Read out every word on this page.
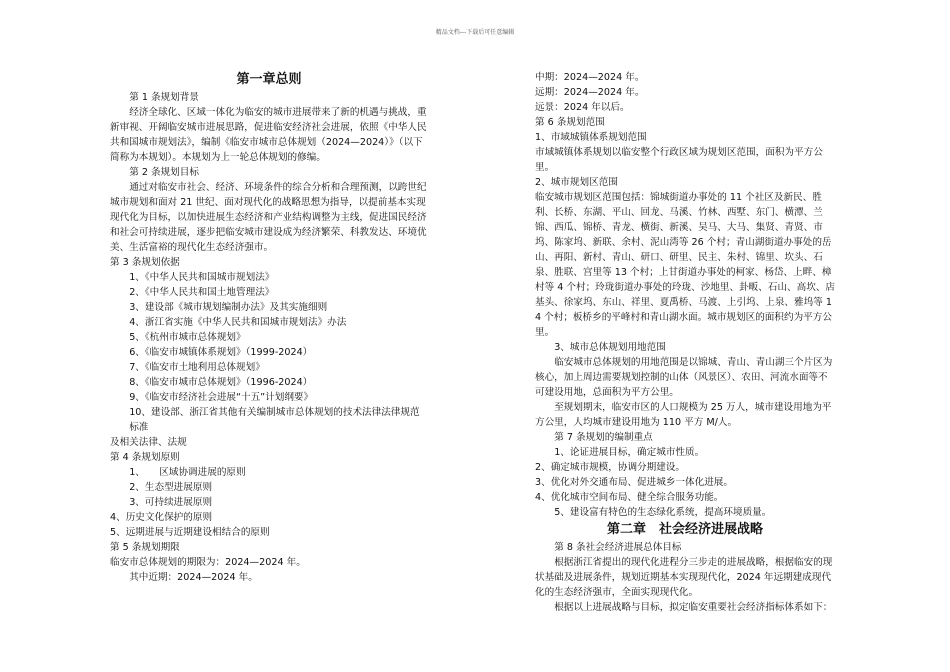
精品文档---下载后可任意编辑

第一章总则

第 1 条规划背景

经济全球化、区域一体化为临安的城市进展带来了新的机遇与挑战，重新审视、开阔临安城市进展思路，促进临安经济社会进展，依照《中华人民共和国城市规划法》，编制《临安市城市总体规划（2024—2024）》（以下简称为本规划）。本规划为上一轮总体规划的修编。

第 2 条规划目标

通过对临安市社会、经济、环境条件的综合分析和合理预测，以跨世纪城市规划和面对 21 世纪、面对现代化的战略思想为指导，以提前基本实现现代化为目标，以加快进展生态经济和产业结构调整为主线，促进国民经济和社会可持续进展，逐步把临安城市建设成为经济繁荣、科教发达、环境优美、生活富裕的现代化生态经济强市。

第 3 条规划依据

1、《中华人民共和国城市规划法》

2、《中华人民共和国土地管理法》

3、建设部《城市规划编制办法》及其实施细则

4、浙江省实施《中华人民共和国城市规划法》办法

5、《杭州市城市总体规划》

6、《临安市城镇体系规划》（1999-2024）

7、《临安市土地利用总体规划》

8、《临安市城市总体规划》（1996-2024）

9、《临安市经济社会进展“十五”计划纲要》

10、建设部、浙江省其他有关编制城市总体规划的技术法律法律规范标准

及相关法律、法规

第 4 条规划原则

1、　　区域协调进展的原则

2、生态型进展原则

3、可持续进展原则

4、历史文化保护的原则

5、远期进展与近期建设相结合的原则

第 5 条规划期限

临安市总体规划的期限为：2024—2024 年。

其中近期：2024—2024 年。

中期：2024—2024 年。

远期：2024—2024 年。

远景：2024 年以后。

第 6 条规划范围

1、市域城镇体系规划范围

市域城镇体系规划以临安整个行政区域为规划区范围，面积为平方公里。

2、城市规划区范围

临安城市规划区范围包括：锦城街道办事处的 11 个社区及新民、胜利、长桥、东湖、平山、回龙、马溪、竹林、西墅、东门、横潭、兰锦、西瓜、锦桥、青龙、横街、新溪、吴马、大马、集贤、青贤、市坞、陈家坞、新联、余村、泥山湾等 26 个村；青山湖街道办事处的岳山、再阳、新村、青山、研口、研里、民主、朱村、锦里、坎头、石泉、胜联、宫里等 13 个村；上甘街道办事处的柯家、杨岱、上畔、樟村等 4 个村；玲珑街道办事处的玲珑、沙地里、卦畈、石山、高坎、店基头、徐家坞、东山、祥里、夏禹桥、马渡、上引坞、上泉、雅坞等 14 个村；板桥乡的平峰村和青山湖水面。城市规划区的面积约为平方公里。

3、城市总体规划用地范围

临安城市总体规划的用地范围是以锦城、青山、青山湖三个片区为核心，加上周边需要规划控制的山体（风景区）、农田、河流水面等不可建设用地，总面积为平方公里。

至规划期末，临安市区的人口规模为 25 万人，城市建设用地为平方公里，人均城市建设用地为 110 平方 M/人。

第 7 条规划的编制重点

1、论证进展目标，确定城市性质。

2、确定城市规模，协调分期建设。

3、优化对外交通布局、促进城乡一体化进展。

4、优化城市空间布局、健全综合服务功能。

5、建设富有特色的生态绿化系统，提高环境质量。

第二章　社会经济进展战略

第 8 条社会经济进展总体目标

根据浙江省提出的现代化进程分三步走的进展战略，根据临安的现状基础及进展条件，规划近期基本实现现代化，2024 年远期建成现代化的生态经济强市，全面实现现代化。

根据以上进展战略与目标，拟定临安重要社会经济指标体系如下：
